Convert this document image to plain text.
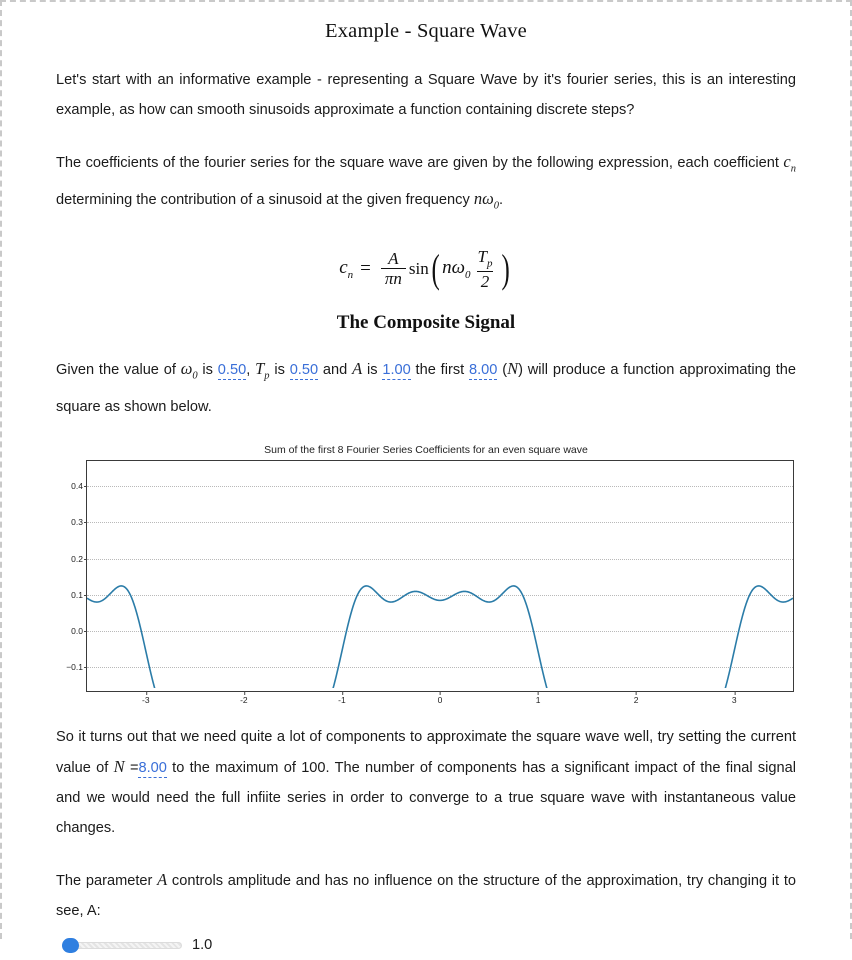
Example - Square Wave

Let's start with an informative example - representing a Square Wave by it's fourier series, this is an interesting example, as how can smooth sinusoids approximate a function containing discrete steps?

The coefficients of the fourier series for the square wave are given by the following expression, each coefficient $c_n$ determining the contribution of a sinusoid at the given frequency $n\omega_0$.

$c_n = \frac{A}{\pi n}$ sin ( $n\omega_0 \frac{T_p}{2}$ )
The Composite Signal

Given the value of $\omega_0$ is 0.50, $T_p$ is 0.50 and A is 1.00 the first 8.00 (N) will produce a function approximating the square as shown below.

Sum of the first 8 Fourier Series Coefficients for an even square wave
0.4
0.3
0.2
0.1
0.0
−0.1
-3	-2	-1	0	1	2	3

So it turns out that we need quite a lot of components to approximate the square wave well, try setting the current value of N =8.00 to the maximum of 100. The number of components has a significant impact of the final signal and we would need the full infiite series in order to converge to a true square wave with instantaneous value changes.

The parameter A controls amplitude and has no influence on the structure of the approximation, try changing it to see, A:

1.0
